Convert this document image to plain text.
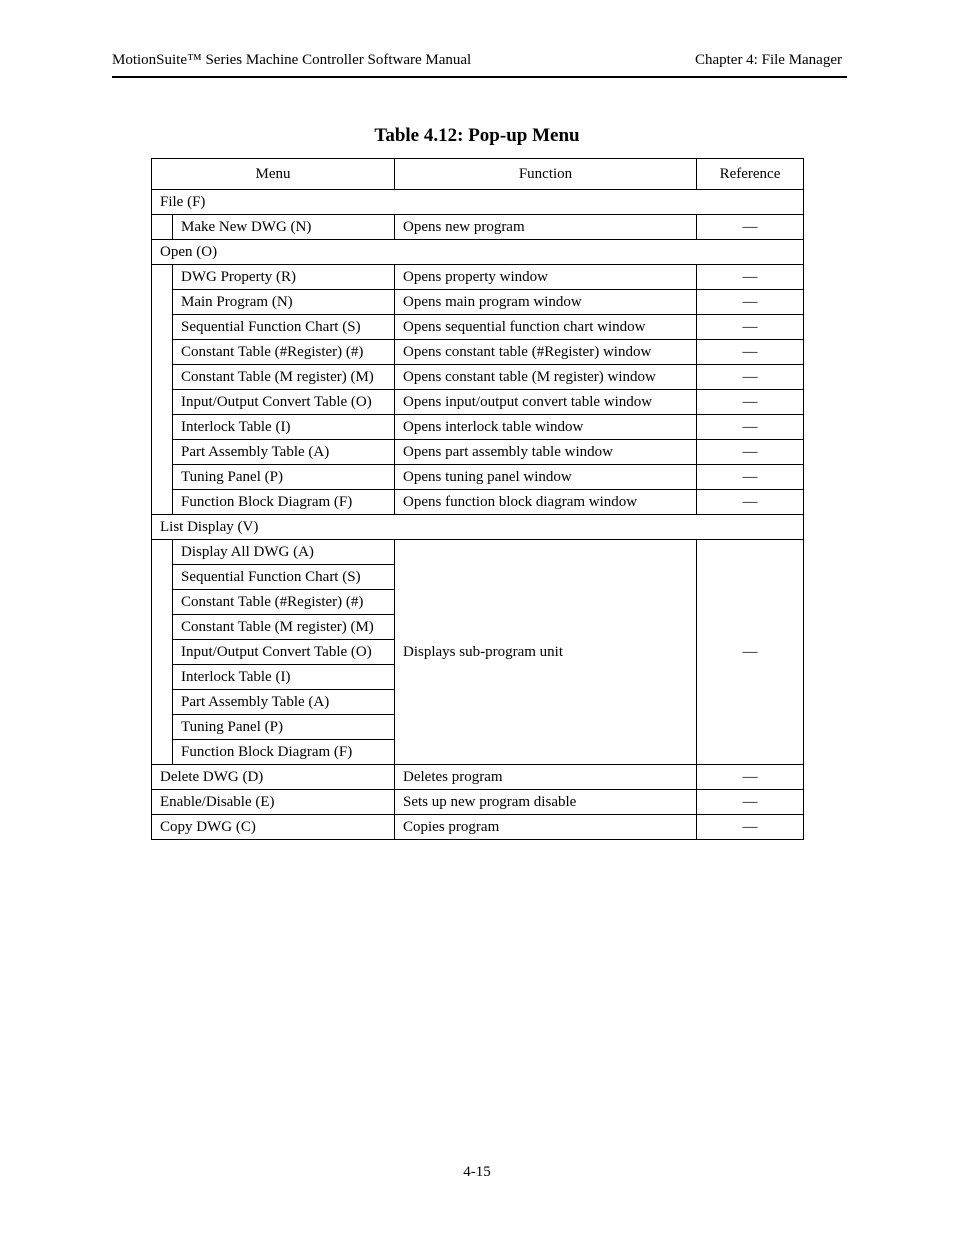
MotionSuite™ Series Machine Controller Software Manual	Chapter 4: File Manager
Table 4.12: Pop-up Menu
Menu		Function	Reference
File (F)			
	Make New DWG (N)	Opens new program	—
Open (O)			
	DWG Property (R)	Opens property window	—
	Main Program (N)	Opens main program window	—
	Sequential Function Chart (S)	Opens sequential function chart window	—
	Constant Table (#Register) (#)	Opens constant table (#Register) window	—
	Constant Table (M register) (M)	Opens constant table (M register) window	—
	Input/Output Convert Table (O)	Opens input/output convert table window	—
	Interlock Table (I)	Opens interlock table window	—
	Part Assembly Table (A)	Opens part assembly table window	—
	Tuning Panel (P)	Opens tuning panel window	—
	Function Block Diagram (F)	Opens function block diagram window	—
List Display (V)			
	Display All DWG (A)	Displays sub-program unit	—
	Sequential Function Chart (S)		
	Constant Table (#Register) (#)		
	Constant Table (M register) (M)		
	Input/Output Convert Table (O)		
	Interlock Table (I)		
	Part Assembly Table (A)		
	Tuning Panel (P)		
	Function Block Diagram (F)		
Delete DWG (D)		Deletes program	—
Enable/Disable (E)		Sets up new program disable	—
Copy DWG (C)		Copies program	—
4-15
